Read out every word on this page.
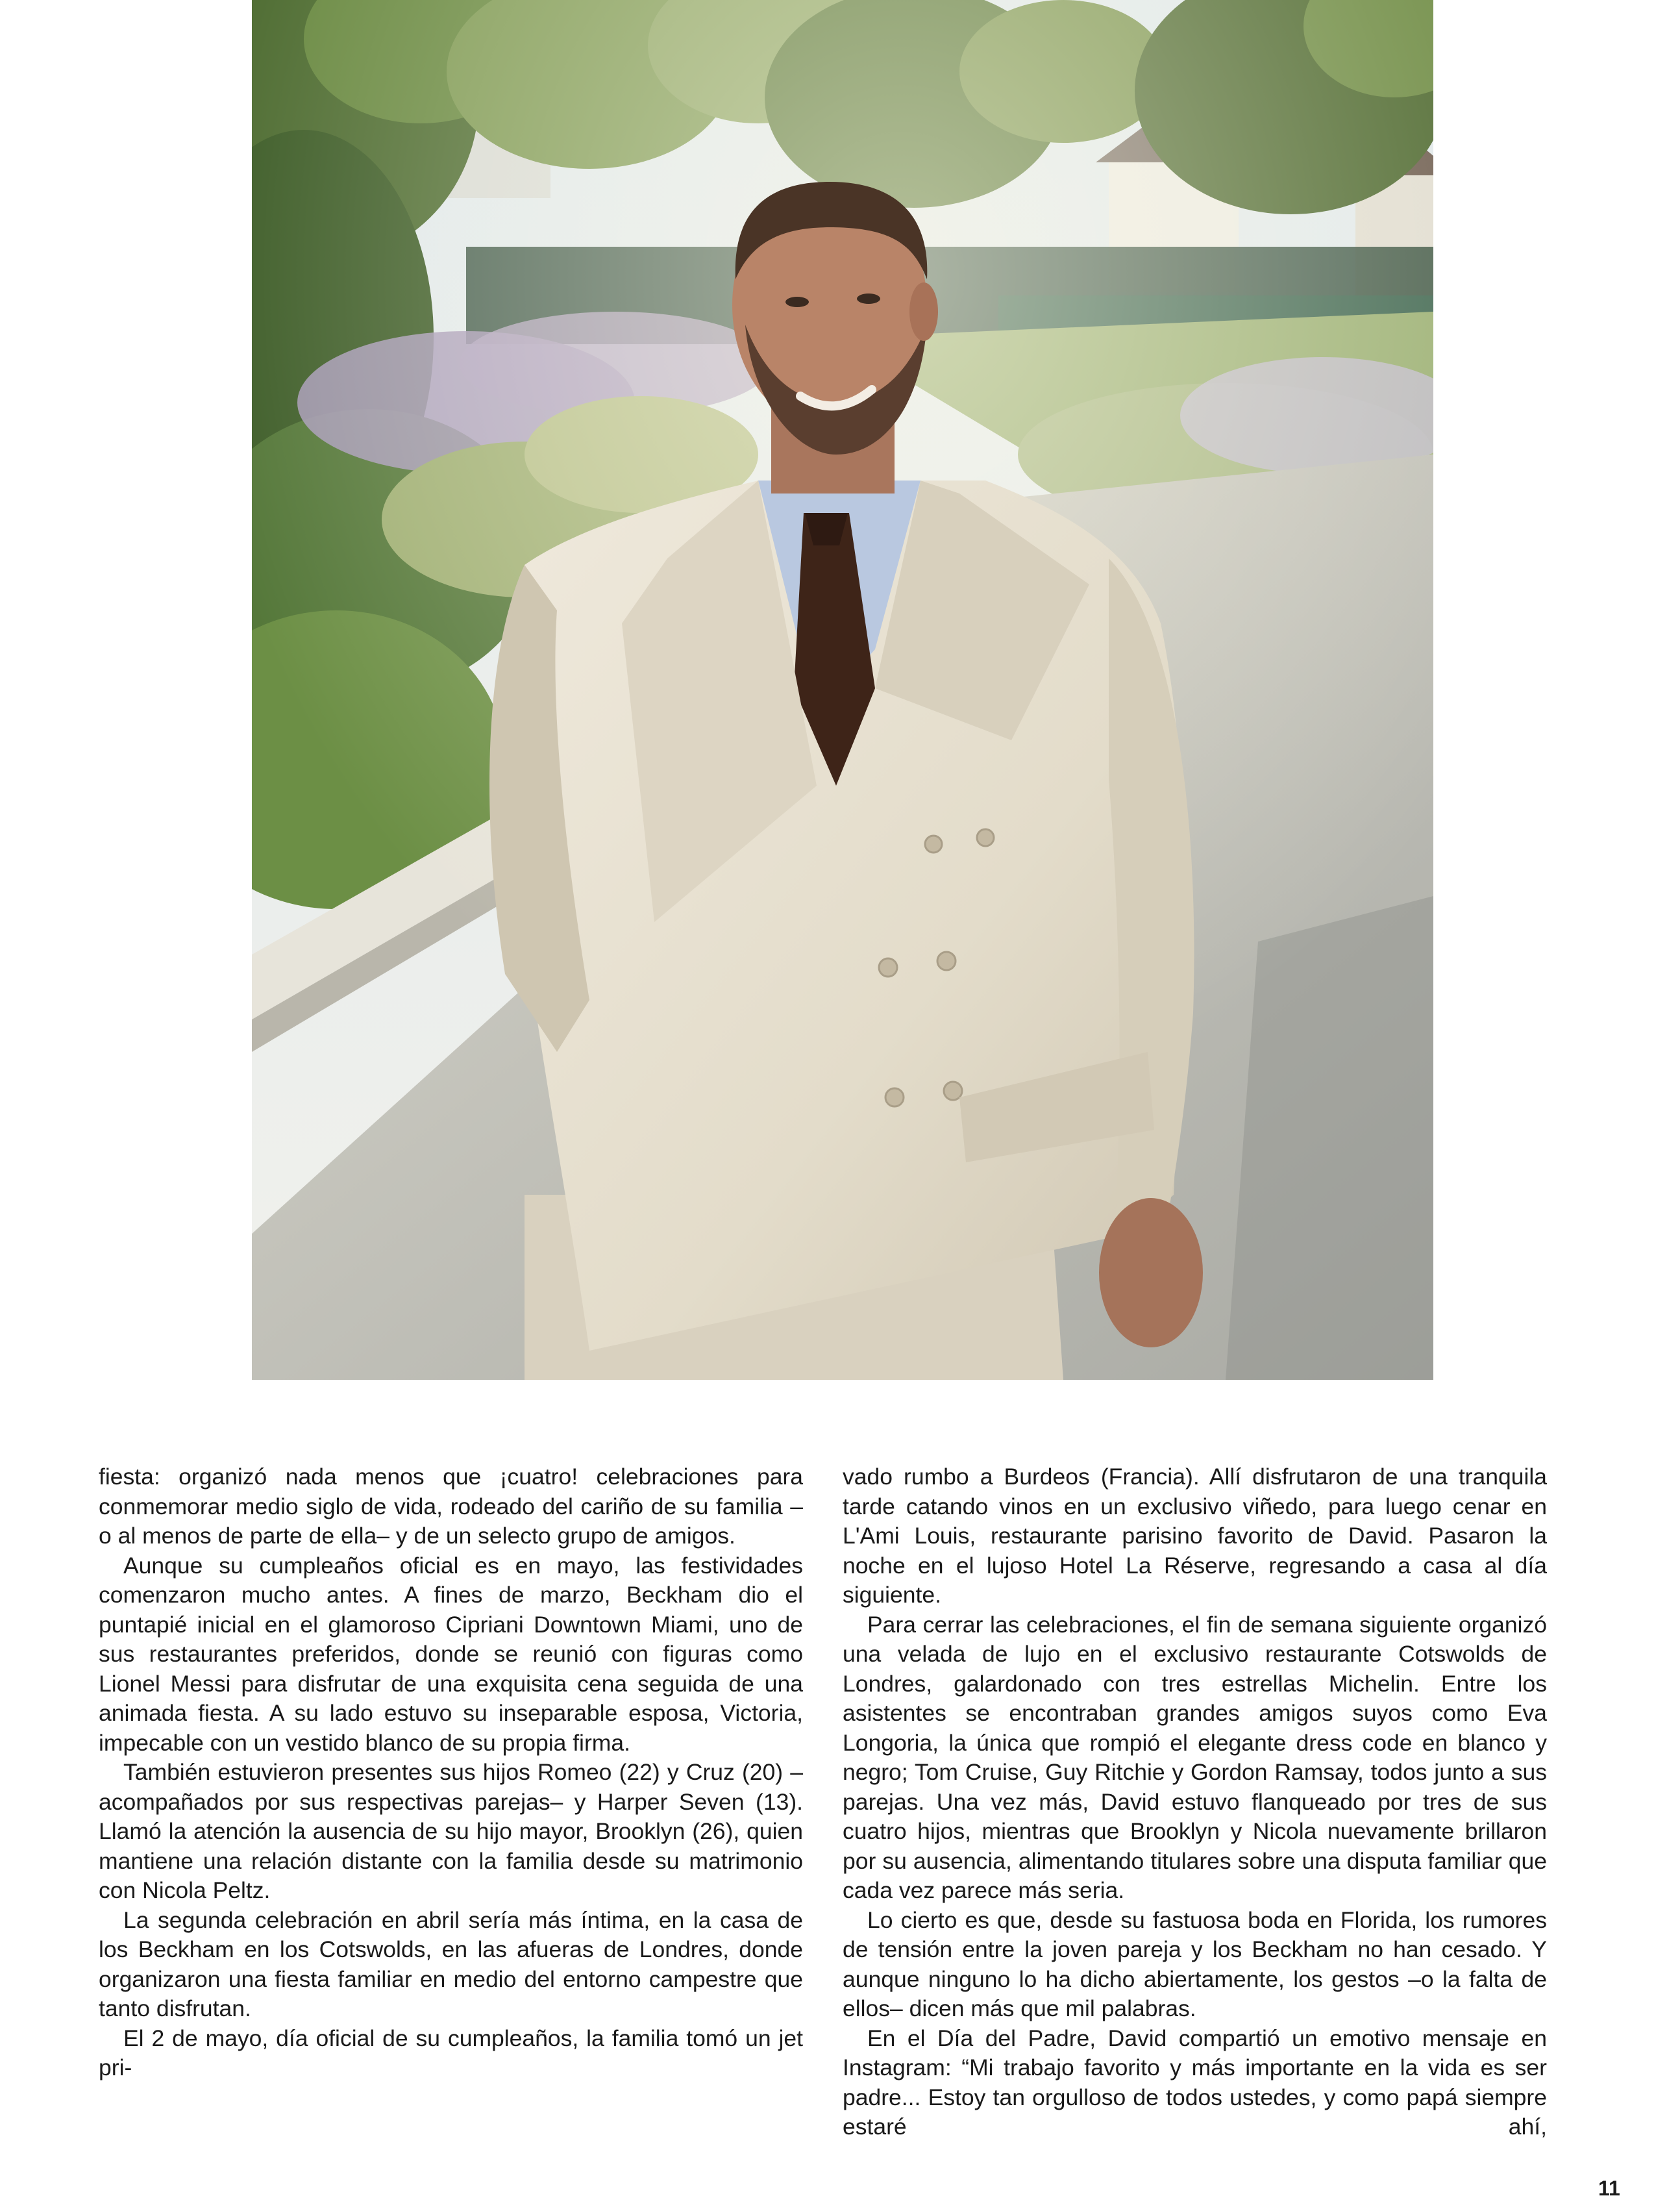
fiesta: organizó nada menos que ¡cuatro! celebraciones para conmemorar medio siglo de vida, rodeado del cariño de su familia –o al menos de parte de ella– y de un selecto grupo de amigos.

Aunque su cumpleaños oficial es en mayo, las festividades comenzaron mucho antes. A fines de marzo, Beckham dio el puntapié inicial en el glamoroso Cipriani Downtown Miami, uno de sus restaurantes preferidos, donde se reunió con figuras como Lionel Messi para disfrutar de una exquisita cena seguida de una animada fiesta. A su lado estuvo su inseparable esposa, Victoria, impecable con un vestido blanco de su propia firma.

También estuvieron presentes sus hijos Romeo (22) y Cruz (20) –acompañados por sus respectivas parejas– y Harper Seven (13). Llamó la atención la ausencia de su hijo mayor, Brooklyn (26), quien mantiene una relación distante con la familia desde su matrimonio con Nicola Peltz.

La segunda celebración en abril sería más íntima, en la casa de los Beckham en los Cotswolds, en las afueras de Londres, donde organizaron una fiesta familiar en medio del entorno campestre que tanto disfrutan.

El 2 de mayo, día oficial de su cumpleaños, la familia tomó un jet pri-

vado rumbo a Burdeos (Francia). Allí disfrutaron de una tranquila tarde catando vinos en un exclusivo viñedo, para luego cenar en L'Ami Louis, restaurante parisino favorito de David. Pasaron la noche en el lujoso Hotel La Réserve, regresando a casa al día siguiente.

Para cerrar las celebraciones, el fin de semana siguiente organizó una velada de lujo en el exclusivo restaurante Cotswolds de Londres, galardonado con tres estrellas Michelin. Entre los asistentes se encontraban grandes amigos suyos como Eva Longoria, la única que rompió el elegante dress code en blanco y negro; Tom Cruise, Guy Ritchie y Gordon Ramsay, todos junto a sus parejas. Una vez más, David estuvo flanqueado por tres de sus cuatro hijos, mientras que Brooklyn y Nicola nuevamente brillaron por su ausencia, alimentando titulares sobre una disputa familiar que cada vez parece más seria.

Lo cierto es que, desde su fastuosa boda en Florida, los rumores de tensión entre la joven pareja y los Beckham no han cesado. Y aunque ninguno lo ha dicho abiertamente, los gestos –o la falta de ellos– dicen más que mil palabras.

En el Día del Padre, David compartió un emotivo mensaje en Instagram: “Mi trabajo favorito y más importante en la vida es ser padre... Estoy tan orgulloso de todos ustedes, y como papá siempre estaré ahí,

11
